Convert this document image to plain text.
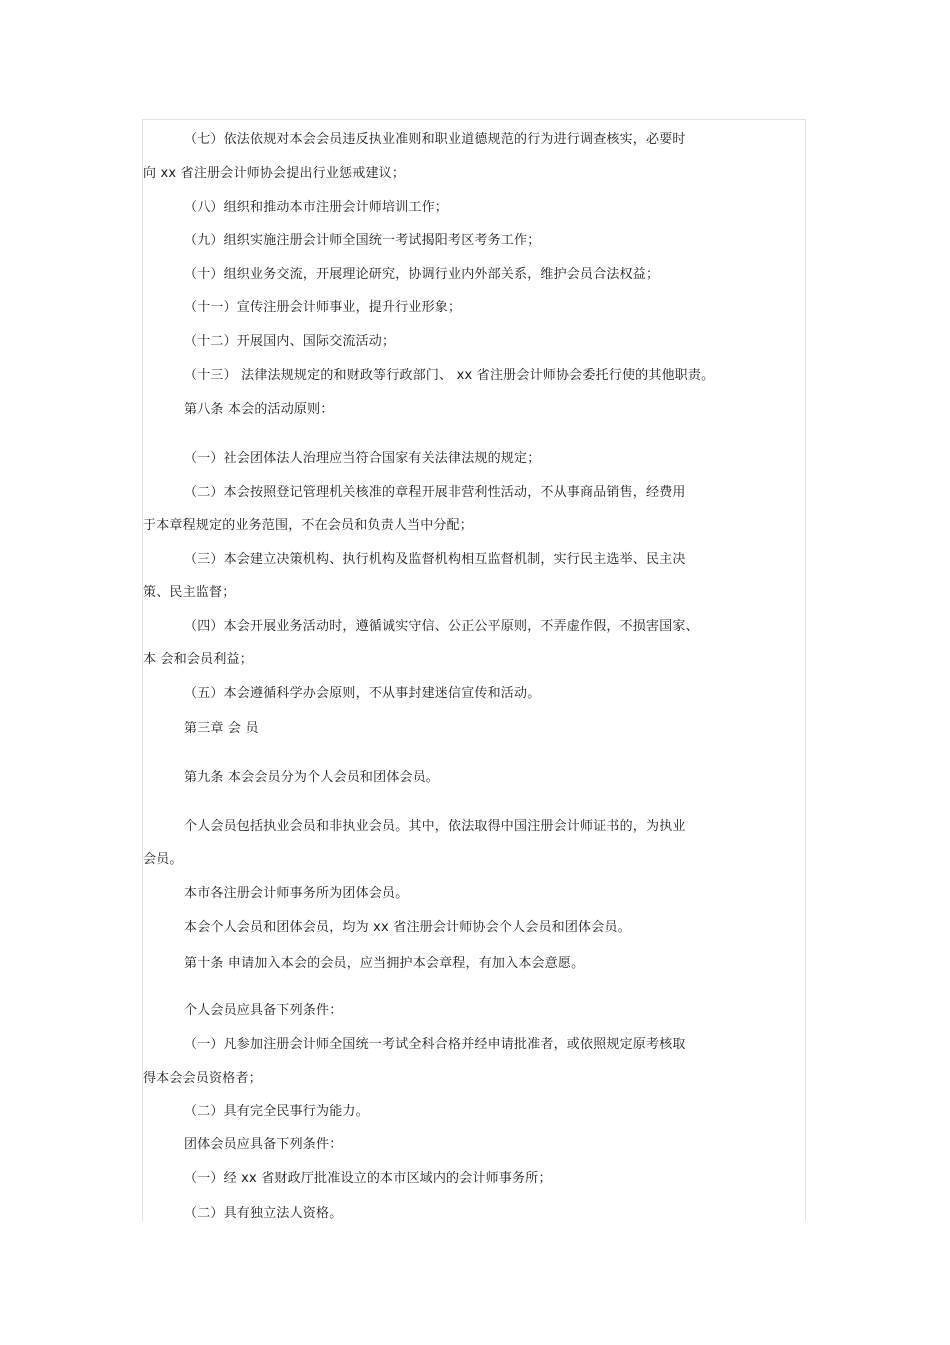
（七）依法依规对本会会员违反执业准则和职业道德规范的行为进行调查核实，必要时
向 xx 省注册会计师协会提出行业惩戒建议；
（八）组织和推动本市注册会计师培训工作；
（九）组织实施注册会计师全国统一考试揭阳考区考务工作；
（十）组织业务交流，开展理论研究，协调行业内外部关系，维护会员合法权益；
（十一）宣传注册会计师事业，提升行业形象；
（十二）开展国内、国际交流活动；
（十三） 法律法规规定的和财政等行政部门、 xx 省注册会计师协会委托行使的其他职责。
第八条 本会的活动原则：
（一）社会团体法人治理应当符合国家有关法律法规的规定；
（二）本会按照登记管理机关核准的章程开展非营利性活动，不从事商品销售，经费用
于本章程规定的业务范围，不在会员和负责人当中分配；
（三）本会建立决策机构、执行机构及监督机构相互监督机制，实行民主选举、民主决
策、民主监督；
（四）本会开展业务活动时，遵循诚实守信、公正公平原则，不弄虚作假，不损害国家、
本 会和会员利益；
（五）本会遵循科学办会原则，不从事封建迷信宣传和活动。
第三章 会 员
第九条 本会会员分为个人会员和团体会员。
个人会员包括执业会员和非执业会员。其中，依法取得中国注册会计师证书的，为执业
会员。
本市各注册会计师事务所为团体会员。
本会个人会员和团体会员，均为 xx 省注册会计师协会个人会员和团体会员。
第十条 申请加入本会的会员，应当拥护本会章程，有加入本会意愿。
个人会员应具备下列条件：
（一）凡参加注册会计师全国统一考试全科合格并经申请批准者，或依照规定原考核取
得本会会员资格者；
（二）具有完全民事行为能力。
团体会员应具备下列条件：
（一）经 xx 省财政厅批准设立的本市区域内的会计师事务所；
（二）具有独立法人资格。
